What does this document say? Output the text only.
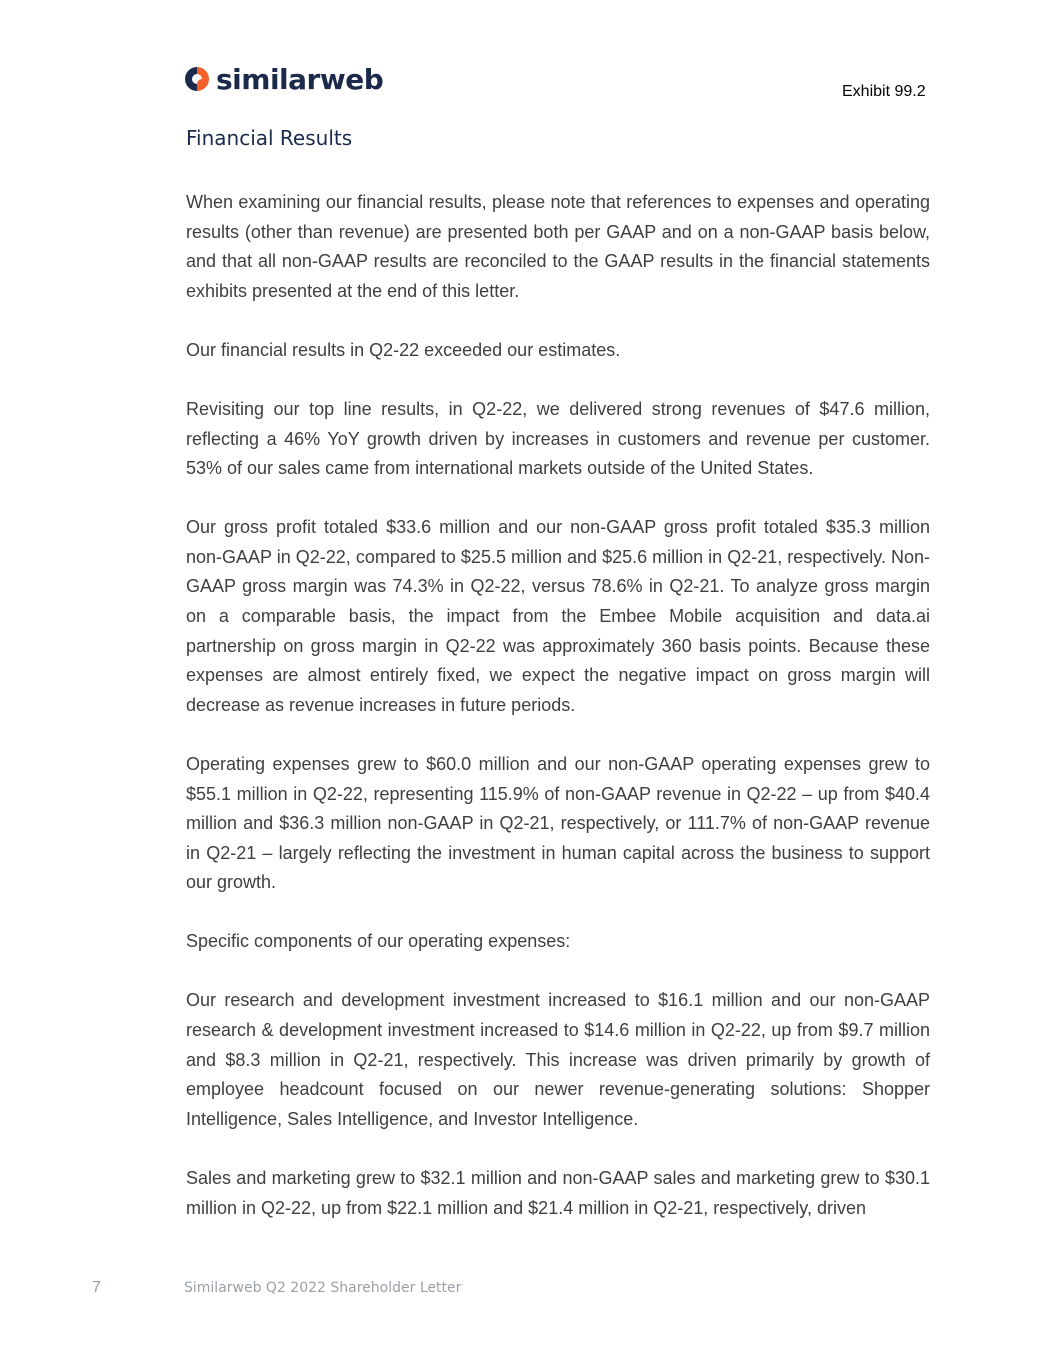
similarweb	Exhibit 99.2
Financial Results

When examining our financial results, please note that references to expenses and operating results (other than revenue) are presented both per GAAP and on a non-GAAP basis below, and that all non-GAAP results are reconciled to the GAAP results in the financial statements exhibits presented at the end of this letter.

Our financial results in Q2-22 exceeded our estimates.

Revisiting our top line results, in Q2-22, we delivered strong revenues of $47.6 million, reflecting a 46% YoY growth driven by increases in customers and revenue per customer. 53% of our sales came from international markets outside of the United States.

Our gross profit totaled $33.6 million and our non-GAAP gross profit totaled $35.3 million non-GAAP in Q2-22, compared to $25.5 million and $25.6 million in Q2-21, respectively. Non-GAAP gross margin was 74.3% in Q2-22, versus 78.6% in Q2-21. To analyze gross margin on a comparable basis, the impact from the Embee Mobile acquisition and data.ai partnership on gross margin in Q2-22 was approximately 360 basis points. Because these expenses are almost entirely fixed, we expect the negative impact on gross margin will decrease as revenue increases in future periods.

Operating expenses grew to $60.0 million and our non-GAAP operating expenses grew to $55.1 million in Q2-22, representing 115.9% of non-GAAP revenue in Q2-22 – up from $40.4 million and $36.3 million non-GAAP in Q2-21, respectively, or 111.7% of non-GAAP revenue in Q2-21 – largely reflecting the investment in human capital across the business to support our growth.

Specific components of our operating expenses:

Our research and development investment increased to $16.1 million and our non-GAAP research & development investment increased to $14.6 million in Q2-22, up from $9.7 million and $8.3 million in Q2-21, respectively. This increase was driven primarily by growth of employee headcount focused on our newer revenue-generating solutions: Shopper Intelligence, Sales Intelligence, and Investor Intelligence.

Sales and marketing grew to $32.1 million and non-GAAP sales and marketing grew to $30.1 million in Q2-22, up from $22.1 million and $21.4 million in Q2-21, respectively, driven

7	Similarweb Q2 2022 Shareholder Letter
